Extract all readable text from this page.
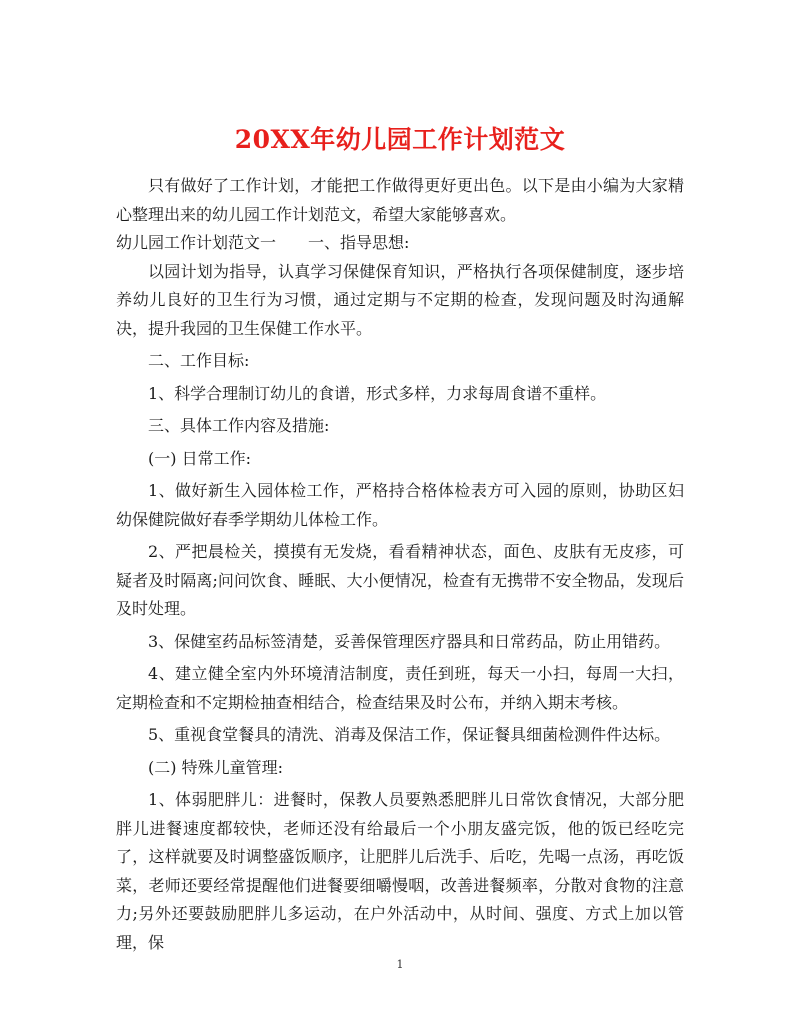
20XX年幼儿园工作计划范文

只有做好了工作计划，才能把工作做得更好更出色。以下是由小编为大家精心整理出来的幼儿园工作计划范文，希望大家能够喜欢。

幼儿园工作计划范文一　　一、指导思想:

以园计划为指导，认真学习保健保育知识，严格执行各项保健制度，逐步培养幼儿良好的卫生行为习惯，通过定期与不定期的检查，发现问题及时沟通解决，提升我园的卫生保健工作水平。

二、工作目标:

1、科学合理制订幼儿的食谱，形式多样，力求每周食谱不重样。

三、具体工作内容及措施:

(一) 日常工作:

1、做好新生入园体检工作，严格持合格体检表方可入园的原则，协助区妇幼保健院做好春季学期幼儿体检工作。

2、严把晨检关，摸摸有无发烧，看看精神状态，面色、皮肤有无皮疹，可疑者及时隔离;问问饮食、睡眠、大小便情况，检查有无携带不安全物品，发现后及时处理。

3、保健室药品标签清楚，妥善保管理医疗器具和日常药品，防止用错药。

4、建立健全室内外环境清洁制度，责任到班，每天一小扫，每周一大扫，定期检查和不定期检抽查相结合，检查结果及时公布，并纳入期末考核。

5、重视食堂餐具的清洗、消毒及保洁工作，保证餐具细菌检测件件达标。

(二) 特殊儿童管理:

1、体弱肥胖儿：进餐时，保教人员要熟悉肥胖儿日常饮食情况，大部分肥胖儿进餐速度都较快，老师还没有给最后一个小朋友盛完饭，他的饭已经吃完了，这样就要及时调整盛饭顺序，让肥胖儿后洗手、后吃，先喝一点汤，再吃饭菜，老师还要经常提醒他们进餐要细嚼慢咽，改善进餐频率，分散对食物的注意力;另外还要鼓励肥胖儿多运动，在户外活动中，从时间、强度、方式上加以管理，保

1
